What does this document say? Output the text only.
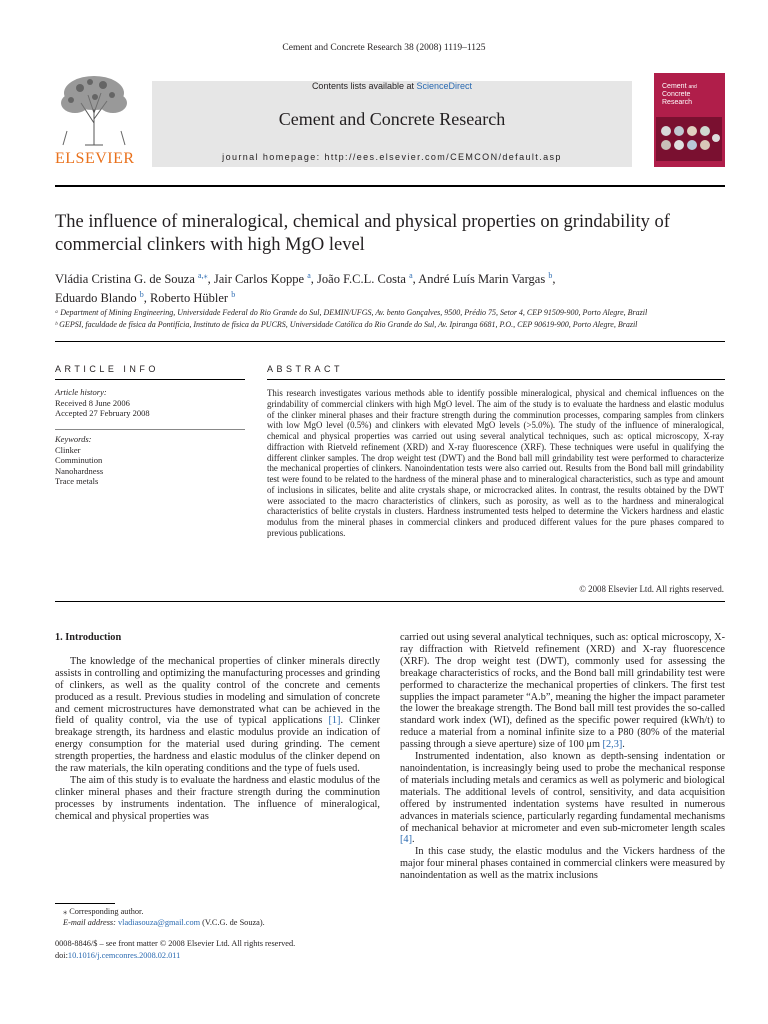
Cement and Concrete Research 38 (2008) 1119–1125
ELSEVIER
Contents lists available at ScienceDirect
Cement and Concrete Research
journal homepage: http://ees.elsevier.com/CEMCON/default.asp
Cement and
Concrete
Research
The influence of mineralogical, chemical and physical properties on grindability of commercial clinkers with high MgO level
Vládia Cristina G. de Souza $^{a,⁎}$, Jair Carlos Koppe $^a$, João F.C.L. Costa $^a$, André Luís Marin Vargas $^b$,
Eduardo Blando $^b$, Roberto Hübler $^b$
ᵃ Department of Mining Engineering, Universidade Federal do Rio Grande do Sul, DEMIN/UFGS, Av. bento Gonçalves, 9500, Prédio 75, Setor 4, CEP 91509-900, Porto Alegre, Brazil
ᵇ GEPSI, faculdade de física da Pontifícia, Instituto de física da PUCRS, Universidade Católica do Rio Grande do Sul, Av. Ipiranga 6681, P.O., CEP 90619-900, Porto Alegre, Brazil
ARTICLE INFO	ABSTRACT
Article history:
Received 8 June 2006
Accepted 27 February 2008
Keywords:
Clinker
Comminution
Nanohardness
Trace metals
This research investigates various methods able to identify possible mineralogical, physical and chemical influences on the grindability of commercial clinkers with high MgO level. The aim of the study is to evaluate the hardness and elastic modulus of the clinker mineral phases and their fracture strength during the comminution processes, comparing samples from clinkers with low MgO level (0.5%) and clinkers with elevated MgO levels (>5.0%). The study of the influence of mineralogical, chemical and physical properties was carried out using several analytical techniques, such as: optical microscopy, X-ray diffraction with Rietveld refinement (XRD) and X-ray fluorescence (XRF). These techniques were useful in qualifying the different clinker samples. The drop weight test (DWT) and the Bond ball mill grindability test were performed to characterize the mechanical properties of clinkers. Nanoindentation tests were also carried out. Results from the Bond ball mill grindability test were found to be related to the hardness of the mineral phase and to mineralogical characteristics, such as type and amount of inclusions in silicates, belite and alite crystals shape, or microcracked alites. In contrast, the results obtained by the DWT were associated to the macro characteristics of clinkers, such as porosity, as well as to the hardness and mineralogical characteristics of belite crystals in clusters. Hardness instrumented tests helped to determine the Vickers hardness and elastic modulus from the mineral phases in commercial clinkers and produced different values for the pure phases compared to previous publications.
© 2008 Elsevier Ltd. All rights reserved.
1. Introduction

The knowledge of the mechanical properties of clinker minerals directly assists in controlling and optimizing the manufacturing processes and grinding of clinkers, as well as the quality control of the concrete and cements produced as a result. Previous studies in modeling and simulation of concrete and cement microstructures have demonstrated what can be achieved in the field of quality control, via the use of typical applications [1]. Clinker breakage strength, its hardness and elastic modulus provide an indication of energy consumption for the material used during grinding. The cement strength properties, the hardness and elastic modulus of the clinker depend on the raw materials, the kiln operating conditions and the type of fuels used.

The aim of this study is to evaluate the hardness and elastic modulus of the clinker mineral phases and their fracture strength during the comminution processes by instruments indentation. The influence of mineralogical, chemical and physical properties was

carried out using several analytical techniques, such as: optical microscopy, X-ray diffraction with Rietveld refinement (XRD) and X-ray fluorescence (XRF). The drop weight test (DWT), commonly used for assessing the breakage characteristics of rocks, and the Bond ball mill grindability test were performed to characterize the mechanical properties of clinkers. The first test supplies the impact parameter “A.b”, meaning the higher the impact parameter the lower the breakage strength. The Bond ball mill test provides the so-called standard work index (WI), defined as the specific power required (kWh/t) to reduce a material from a nominal infinite size to a P80 (80% of the material passing through a sieve aperture) size of 100 μm [2,3].

Instrumented indentation, also known as depth-sensing indentation or nanoindentation, is increasingly being used to probe the mechanical response of materials including metals and ceramics as well as polymeric and biological materials. The additional levels of control, sensitivity, and data acquisition offered by instrumented indentation systems have resulted in numerous advances in materials science, particularly regarding fundamental mechanisms of mechanical behavior at micrometer and even sub-micrometer length scales [4].

In this case study, the elastic modulus and the Vickers hardness of the major four mineral phases contained in commercial clinkers were measured by nanoindentation as well as the matrix inclusions

⁎ Corresponding author.
E-mail address: vladiasouza@gmail.com (V.C.G. de Souza).
0008-8846/$ – see front matter © 2008 Elsevier Ltd. All rights reserved.
doi:10.1016/j.cemconres.2008.02.011
